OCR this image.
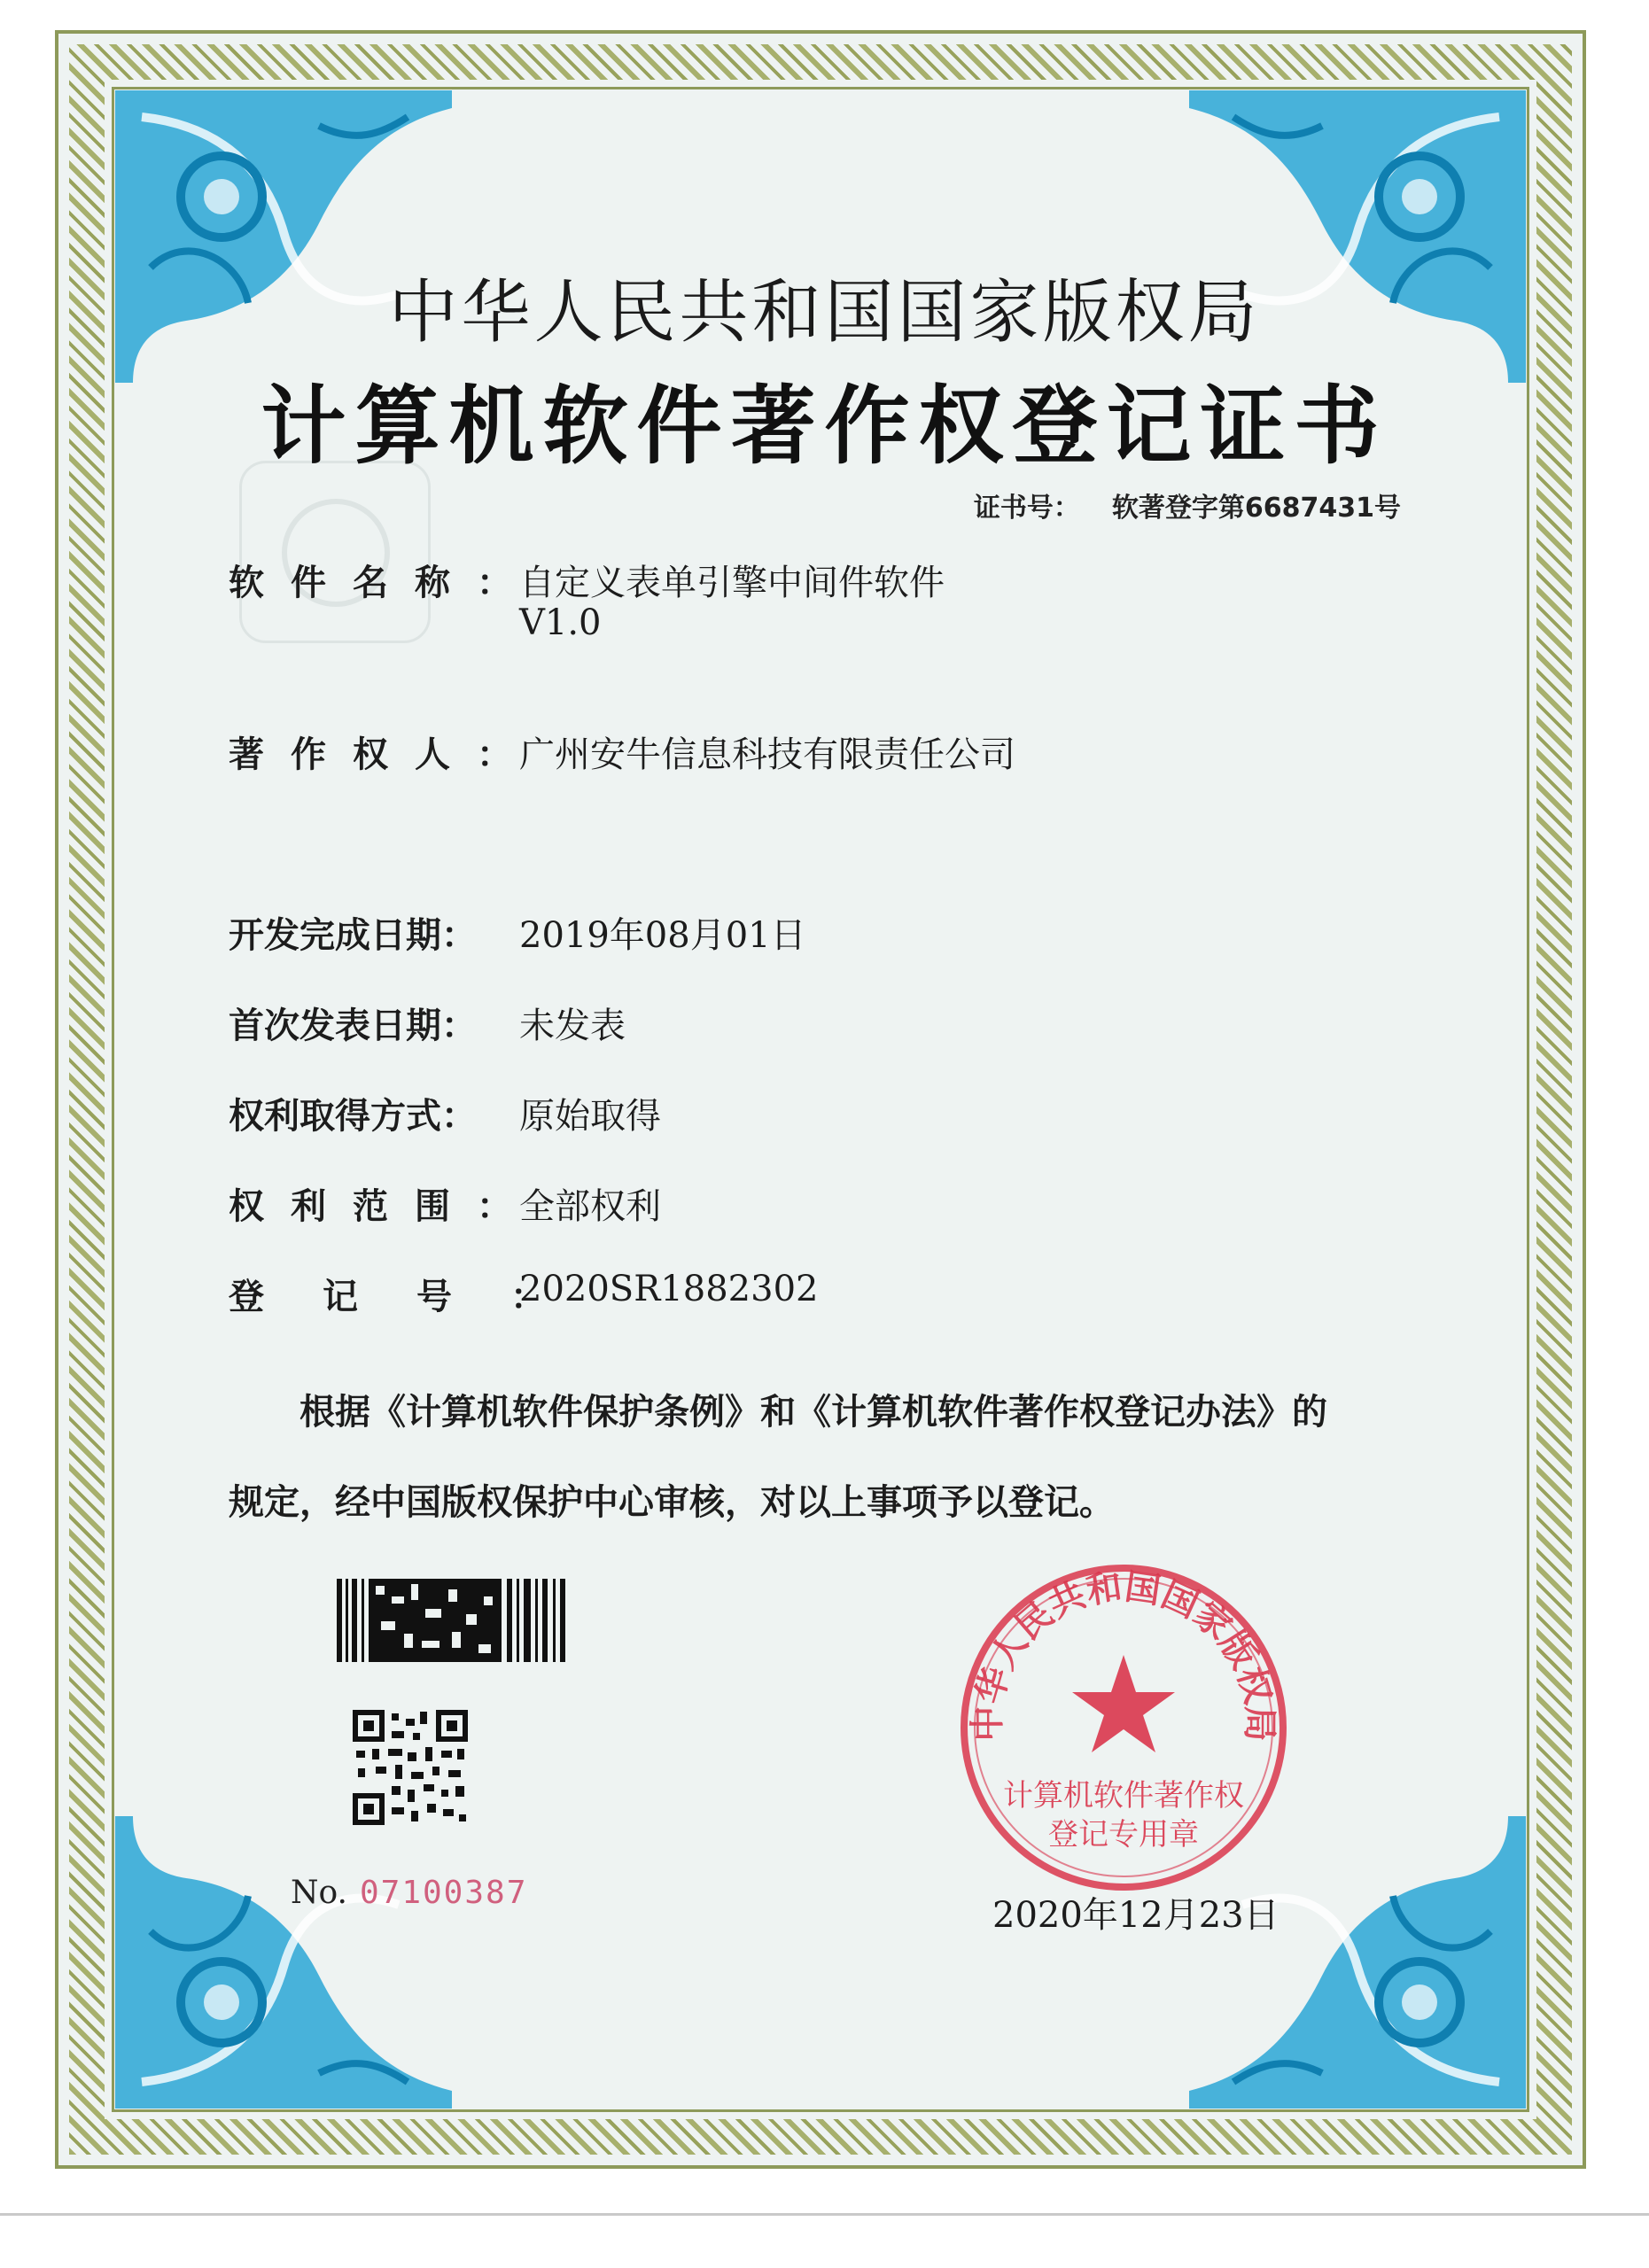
中华人民共和国国家版权局
计算机软件著作权登记证书
证书号： 软著登字第6687431号
软件名称：
自定义表单引擎中间件软件
V1.0
著作权人：
广州安牛信息科技有限责任公司
开发完成日期： 2019年08月01日
首次发表日期： 未发表
权利取得方式： 原始取得
权利范围：
全部权利
登记号：
2020SR1882302
根据《计算机软件保护条例》和《计算机软件著作权登记办法》的
规定，经中国版权保护中心审核，对以上事项予以登记。
No. 07100387
中华人民共和国国家版权局
计算机软件著作权
登记专用章
2020年12月23日
